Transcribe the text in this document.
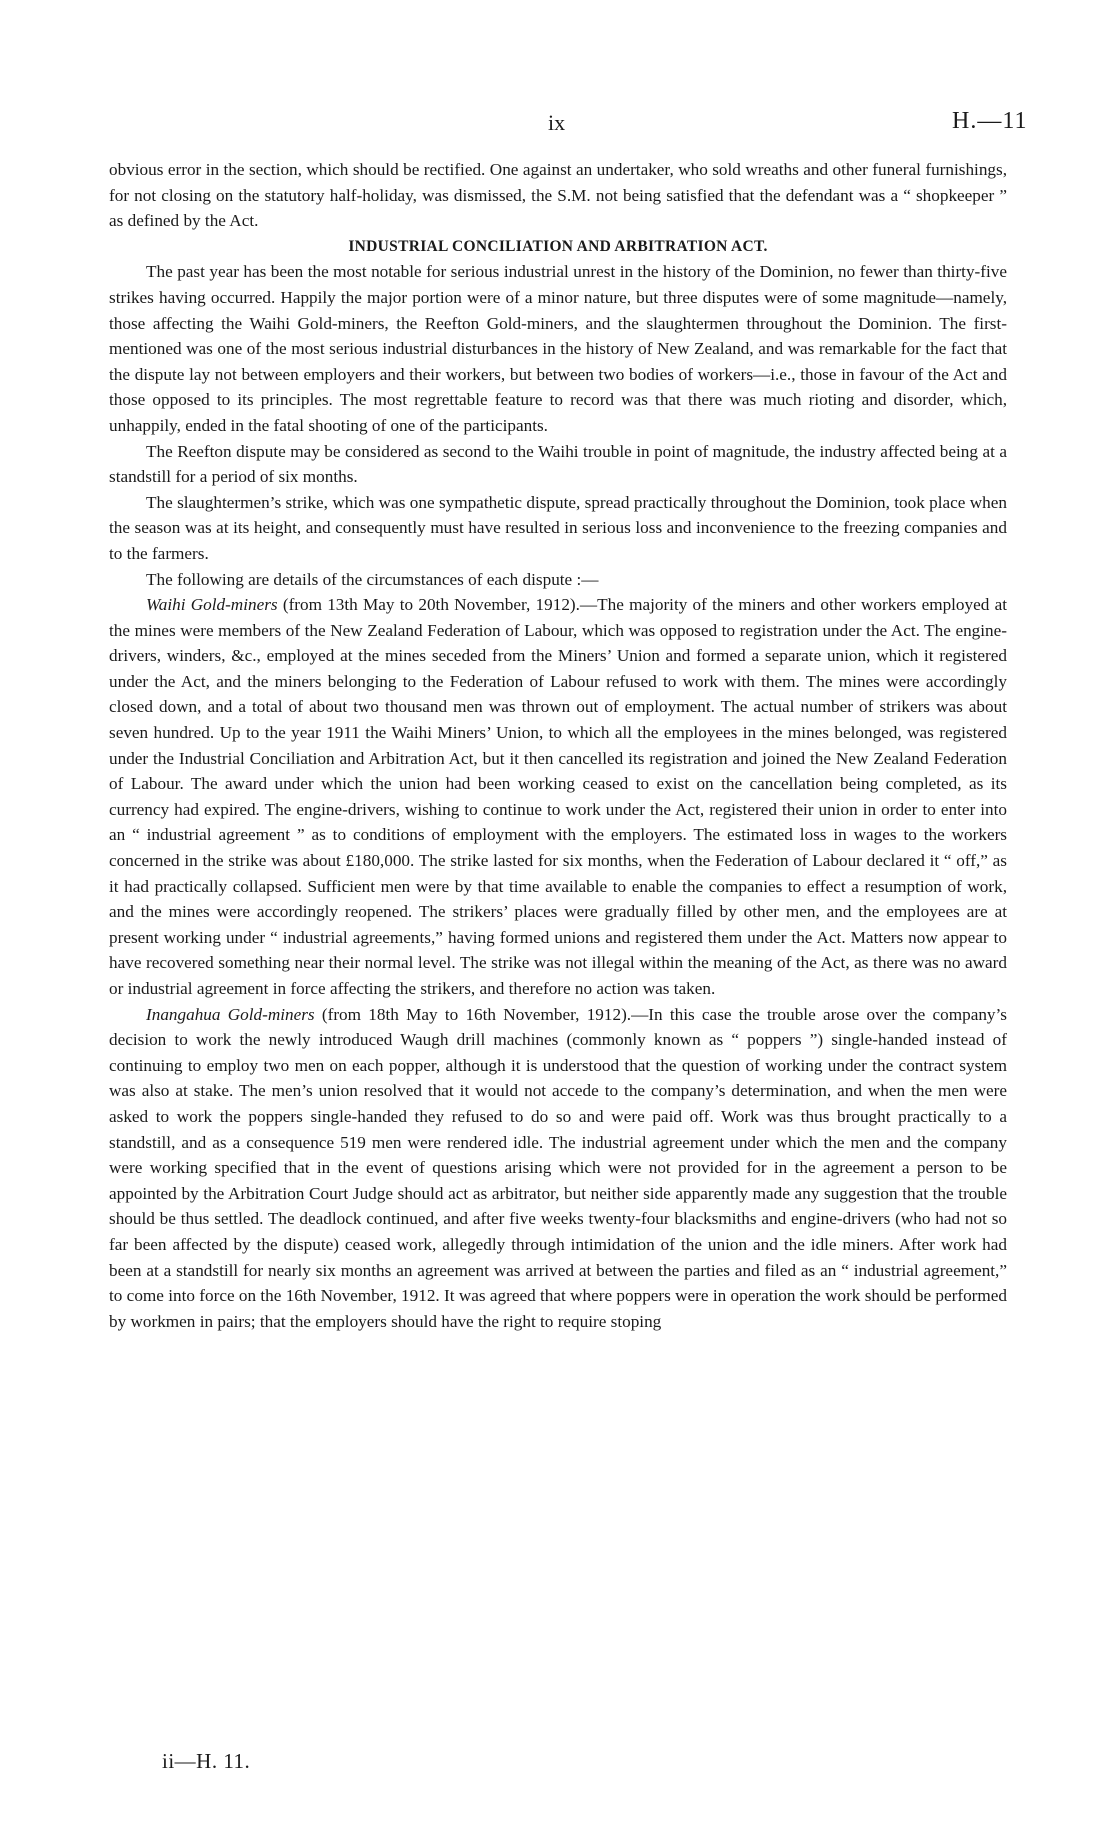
ix	H.—11

obvious error in the section, which should be rectified. One against an undertaker, who sold wreaths and other funeral furnishings, for not closing on the statutory half-holiday, was dismissed, the S.M. not being satisfied that the defendant was a “ shopkeeper ” as defined by the Act.

INDUSTRIAL CONCILIATION AND ARBITRATION ACT.

The past year has been the most notable for serious industrial unrest in the history of the Dominion, no fewer than thirty-five strikes having occurred. Happily the major portion were of a minor nature, but three disputes were of some magnitude—namely, those affecting the Waihi Gold-miners, the Reefton Gold-miners, and the slaughtermen throughout the Dominion. The first-mentioned was one of the most serious industrial disturbances in the history of New Zealand, and was remarkable for the fact that the dispute lay not between employers and their workers, but between two bodies of workers—i.e., those in favour of the Act and those opposed to its principles. The most regrettable feature to record was that there was much rioting and disorder, which, unhappily, ended in the fatal shooting of one of the participants.

The Reefton dispute may be considered as second to the Waihi trouble in point of magnitude, the industry affected being at a standstill for a period of six months.

The slaughtermen’s strike, which was one sympathetic dispute, spread practically throughout the Dominion, took place when the season was at its height, and consequently must have resulted in serious loss and inconvenience to the freezing companies and to the farmers.

The following are details of the circumstances of each dispute :—

Waihi Gold-miners (from 13th May to 20th November, 1912).—The majority of the miners and other workers employed at the mines were members of the New Zealand Federation of Labour, which was opposed to registration under the Act. The engine-drivers, winders, &c., employed at the mines seceded from the Miners’ Union and formed a separate union, which it registered under the Act, and the miners belonging to the Federation of Labour refused to work with them. The mines were accordingly closed down, and a total of about two thousand men was thrown out of employment. The actual number of strikers was about seven hundred. Up to the year 1911 the Waihi Miners’ Union, to which all the employees in the mines belonged, was registered under the Industrial Conciliation and Arbitration Act, but it then cancelled its registration and joined the New Zealand Federation of Labour. The award under which the union had been working ceased to exist on the cancellation being completed, as its currency had expired. The engine-drivers, wishing to continue to work under the Act, registered their union in order to enter into an “ industrial agreement ” as to conditions of employment with the employers. The estimated loss in wages to the workers concerned in the strike was about £180,000. The strike lasted for six months, when the Federation of Labour declared it “ off,” as it had practically collapsed. Sufficient men were by that time available to enable the companies to effect a resumption of work, and the mines were accordingly reopened. The strikers’ places were gradually filled by other men, and the employees are at present working under “ industrial agreements,” having formed unions and registered them under the Act. Matters now appear to have recovered something near their normal level. The strike was not illegal within the meaning of the Act, as there was no award or industrial agreement in force affecting the strikers, and therefore no action was taken.

Inangahua Gold-miners (from 18th May to 16th November, 1912).—In this case the trouble arose over the company’s decision to work the newly introduced Waugh drill machines (commonly known as “ poppers ”) single-handed instead of continuing to employ two men on each popper, although it is understood that the question of working under the contract system was also at stake. The men’s union resolved that it would not accede to the company’s determination, and when the men were asked to work the poppers single-handed they refused to do so and were paid off. Work was thus brought practically to a standstill, and as a consequence 519 men were rendered idle. The industrial agreement under which the men and the company were working specified that in the event of questions arising which were not provided for in the agreement a person to be appointed by the Arbitration Court Judge should act as arbitrator, but neither side apparently made any suggestion that the trouble should be thus settled. The deadlock continued, and after five weeks twenty-four blacksmiths and engine-drivers (who had not so far been affected by the dispute) ceased work, allegedly through intimidation of the union and the idle miners. After work had been at a standstill for nearly six months an agreement was arrived at between the parties and filed as an “ industrial agreement,” to come into force on the 16th November, 1912. It was agreed that where poppers were in operation the work should be performed by workmen in pairs; that the employers should have the right to require stoping

ii—H. 11.
